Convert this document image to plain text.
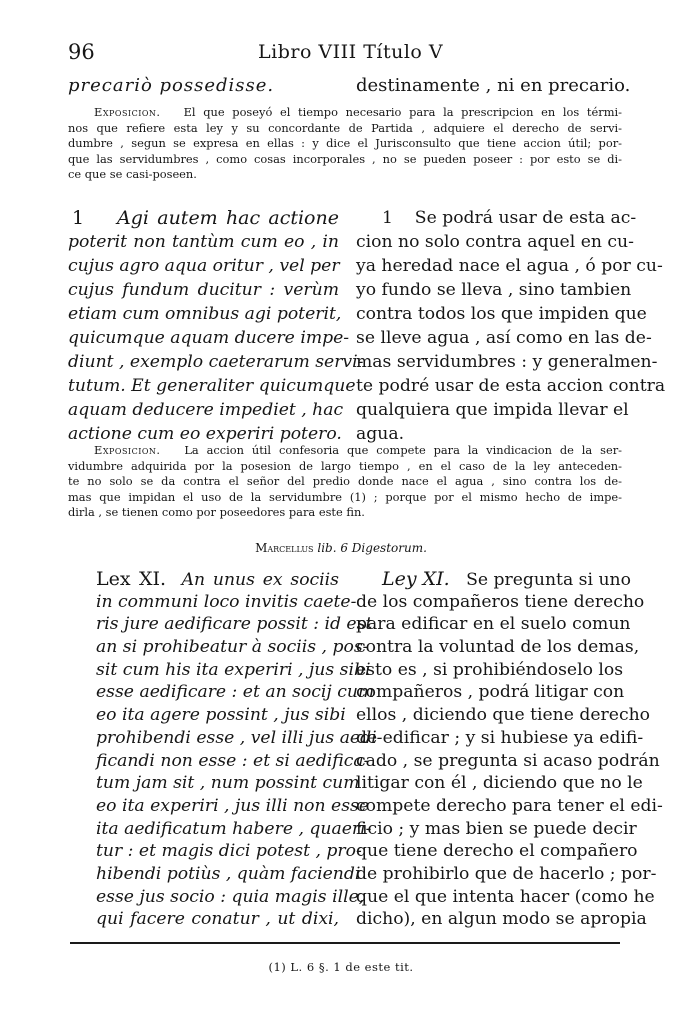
96	Libro VIII Título V
precariò possedisse.	destinamente , ni en precario.
Exposicion. El que poseyó el tiempo necesario para la prescripcion en los térmi-
nos que refiere esta ley y su concordante de Partida , adquiere el derecho de servi-
dumbre , segun se expresa en ellas : y dice el Jurisconsulto que tiene accion útil; por-
que las servidumbres , como cosas incorporales , no se pueden poseer : por esto se di-
ce que se casi-poseen.
1 Agi autem hac actione
poterit non tantùm cum eo , in
cujus agro aqua oritur , vel per
cujus fundum ducitur : verùm
etiam cum omnibus agi poterit,
quicumque aquam ducere impe-
diunt , exemplo caeterarum servi-
tutum. Et generaliter quicumque
aquam deducere impediet , hac
actione cum eo experiri potero.
1 Se podrá usar de esta ac-
cion no solo contra aquel en cu-
ya heredad nace el agua , ó por cu-
yo fundo se lleva , sino tambien
contra todos los que impiden que
se lleve agua , así como en las de-
mas servidumbres : y generalmen-
te podré usar de esta accion contra
qualquiera que impida llevar el
agua.
Exposicion. La accion útil confesoria que compete para la vindicacion de la ser-
vidumbre adquirida por la posesion de largo tiempo , en el caso de la ley anteceden-
te no solo se da contra el señor del predio donde nace el agua , sino contra los de-
mas que impidan el uso de la servidumbre (1) ; porque por el mismo hecho de impe-
dirla , se tienen como por poseedores para este fin.
Marcellus lib. 6 Digestorum.
Lex XI. An unus ex sociis
in communi loco invitis caete-
ris jure aedificare possit : id est
an si prohibeatur à sociis , pos-
sit cum his ita experiri , jus sibi
esse aedificare : et an socij cum
eo ita agere possint , jus sibi
prohibendi esse , vel illi jus aedi-
ficandi non esse : et si aedifica-
tum jam sit , num possint cum
eo ita experiri , jus illi non esse
ita aedificatum habere , quaeri-
tur : et magis dici potest , pro-
hibendi potiùs , quàm faciendi
esse jus socio : quia magis ille,
qui facere conatur , ut dixi,
Ley XI. Se pregunta si uno
de los compañeros tiene derecho
para edificar en el suelo comun
contra la voluntad de los demas,
esto es , si prohibiéndoselo los
compañeros , podrá litigar con
ellos , diciendo que tiene derecho
de edificar ; y si hubiese ya edifi-
cado , se pregunta si acaso podrán
litigar con él , diciendo que no le
compete derecho para tener el edi-
ficio ; y mas bien se puede decir
que tiene derecho el compañero
de prohibirlo que de hacerlo ; por-
que el que intenta hacer (como he
dicho), en algun modo se apropia
(1) L. 6 §. 1 de este tit.
